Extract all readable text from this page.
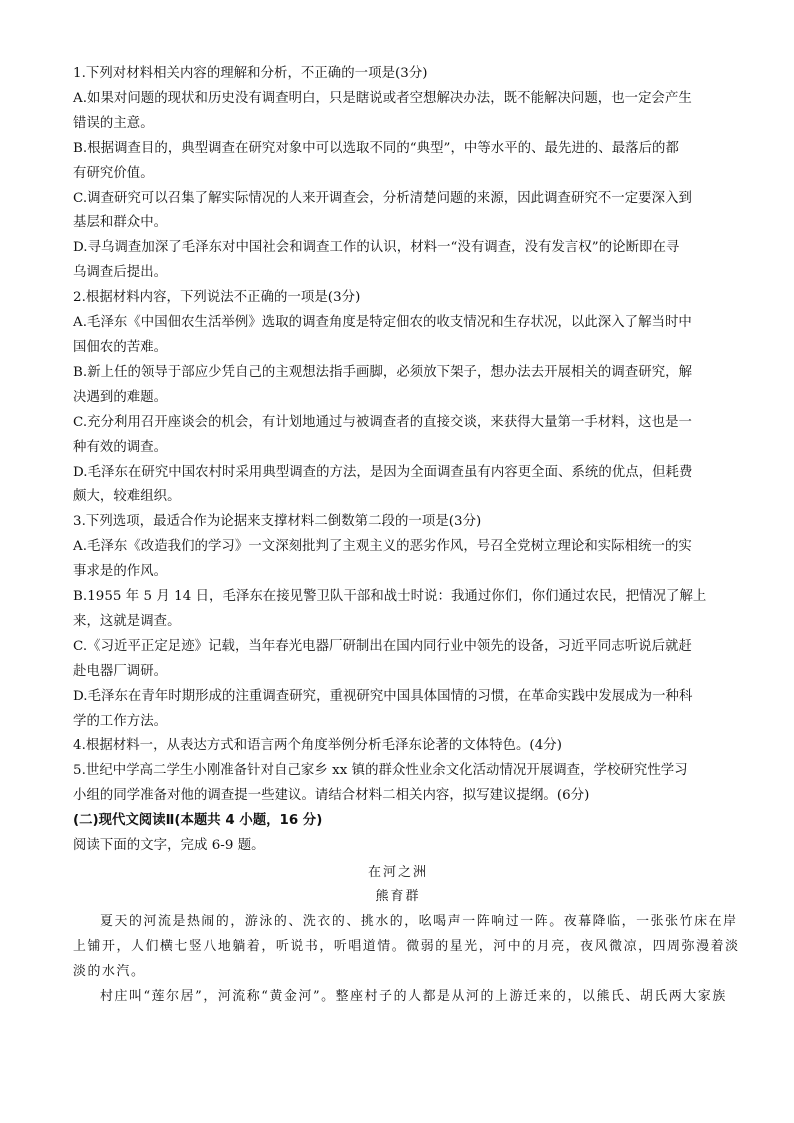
1.下列对材料相关内容的理解和分析，不正确的一项是(3分)
A.如果对问题的现状和历史没有调查明白，只是瞎说或者空想解决办法，既不能解决问题，也一定会产生
错误的主意。
B.根据调查目的，典型调查在研究对象中可以选取不同的“典型”，中等水平的、最先进的、最落后的都
有研究价值。
C.调查研究可以召集了解实际情况的人来开调查会，分析清楚问题的来源，因此调查研究不一定要深入到
基层和群众中。
D.寻乌调查加深了毛泽东对中国社会和调查工作的认识，材料一“没有调查，没有发言权”的论断即在寻
乌调查后提出。
2.根据材料内容，下列说法不正确的一项是(3分)
A.毛泽东《中国佃农生活举例》选取的调查角度是特定佃农的收支情况和生存状况，以此深入了解当时中
国佃农的苦难。
B.新上任的领导于部应少凭自己的主观想法指手画脚，必须放下架子，想办法去开展相关的调查研究，解
决遇到的难题。
C.充分利用召开座谈会的机会，有计划地通过与被调查者的直接交谈，来获得大量第一手材料，这也是一
种有效的调查。
D.毛泽东在研究中国农村时采用典型调查的方法，是因为全面调查虽有内容更全面、系统的优点，但耗费
颇大，较难组织。
3.下列选项，最适合作为论据来支撑材料二倒数第二段的一项是(3分)
A.毛泽东《改造我们的学习》一文深刻批判了主观主义的恶劣作风，号召全党树立理论和实际相统一的实
事求是的作风。
B.1955 年 5 月 14 日，毛泽东在接见警卫队干部和战士时说：我通过你们，你们通过农民，把情况了解上
来，这就是调查。
C.《习近平正定足迹》记载，当年春光电器厂研制出在国内同行业中领先的设备，习近平同志听说后就赶
赴电器厂调研。
D.毛泽东在青年时期形成的注重调查研究，重视研究中国具体国情的习惯，在革命实践中发展成为一种科
学的工作方法。
4.根据材料一，从表达方式和语言两个角度举例分析毛泽东论著的文体特色。(4分)
5.世纪中学高二学生小刚准备针对自己家乡 xx 镇的群众性业余文化活动情况开展调查，学校研究性学习
小组的同学准备对他的调查提一些建议。请结合材料二相关内容，拟写建议提纲。(6分)
(二)现代文阅读Ⅱ(本题共 4 小题，16 分)
阅读下面的文字，完成 6-9 题。
在河之洲
熊育群
夏天的河流是热闹的，游泳的、洗衣的、挑水的，吆喝声一阵响过一阵。夜幕降临，一张张竹床在岸
上铺开，人们横七竖八地躺着，听说书，听唱道情。微弱的星光，河中的月亮，夜风微凉，四周弥漫着淡
淡的水汽。
村庄叫“莲尔居”，河流称“黄金河”。整座村子的人都是从河的上游迁来的，以熊氏、胡氏两大家族
